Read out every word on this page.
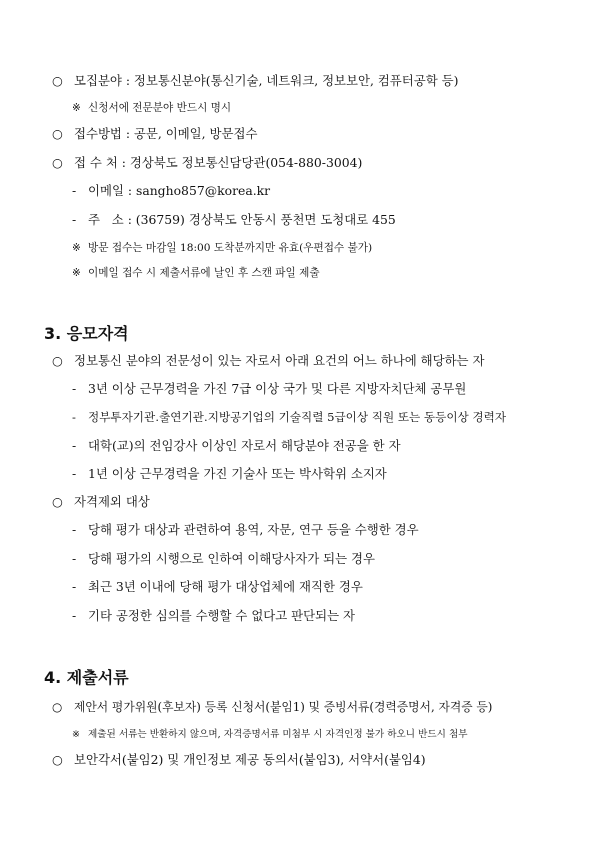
○ 모집분야 : 정보통신분야(통신기술, 네트워크, 정보보안, 컴퓨터공학 등)
※ 신청서에 전문분야 반드시 명시
○ 접수방법 : 공문, 이메일, 방문접수
○ 접 수 처 : 경상북도 정보통신담당관(054-880-3004)
- 이메일 : sangho857@korea.kr
- 주   소 : (36759) 경상북도 안동시 풍천면 도청대로 455
※ 방문 접수는 마감일 18:00 도착분까지만 유효(우편접수 불가)
※ 이메일 접수 시 제출서류에 날인 후 스캔 파일 제출
3. 응모자격
○ 정보통신 분야의 전문성이 있는 자로서 아래 요건의 어느 하나에 해당하는 자
- 3년 이상 근무경력을 가진 7급 이상 국가 및 다른 지방자치단체 공무원
- 정부투자기관․출연기관․지방공기업의 기술직렬 5급이상 직원 또는 동등이상 경력자
- 대학(교)의 전임강사 이상인 자로서 해당분야 전공을 한 자
- 1년 이상 근무경력을 가진 기술사 또는 박사학위 소지자
○ 자격제외 대상
- 당해 평가 대상과 관련하여 용역, 자문, 연구 등을 수행한 경우
- 당해 평가의 시행으로 인하여 이해당사자가 되는 경우
- 최근 3년 이내에 당해 평가 대상업체에 재직한 경우
- 기타 공정한 심의를 수행할 수 없다고 판단되는 자
4. 제출서류
○ 제안서 평가위원(후보자) 등록 신청서(붙임1) 및 증빙서류(경력증명서, 자격증 등)
※ 제출된 서류는 반환하지 않으며, 자격증명서류 미첨부 시 자격인정 불가 하오니 반드시 첨부
○ 보안각서(붙임2) 및 개인정보 제공 동의서(붙임3), 서약서(붙임4)
